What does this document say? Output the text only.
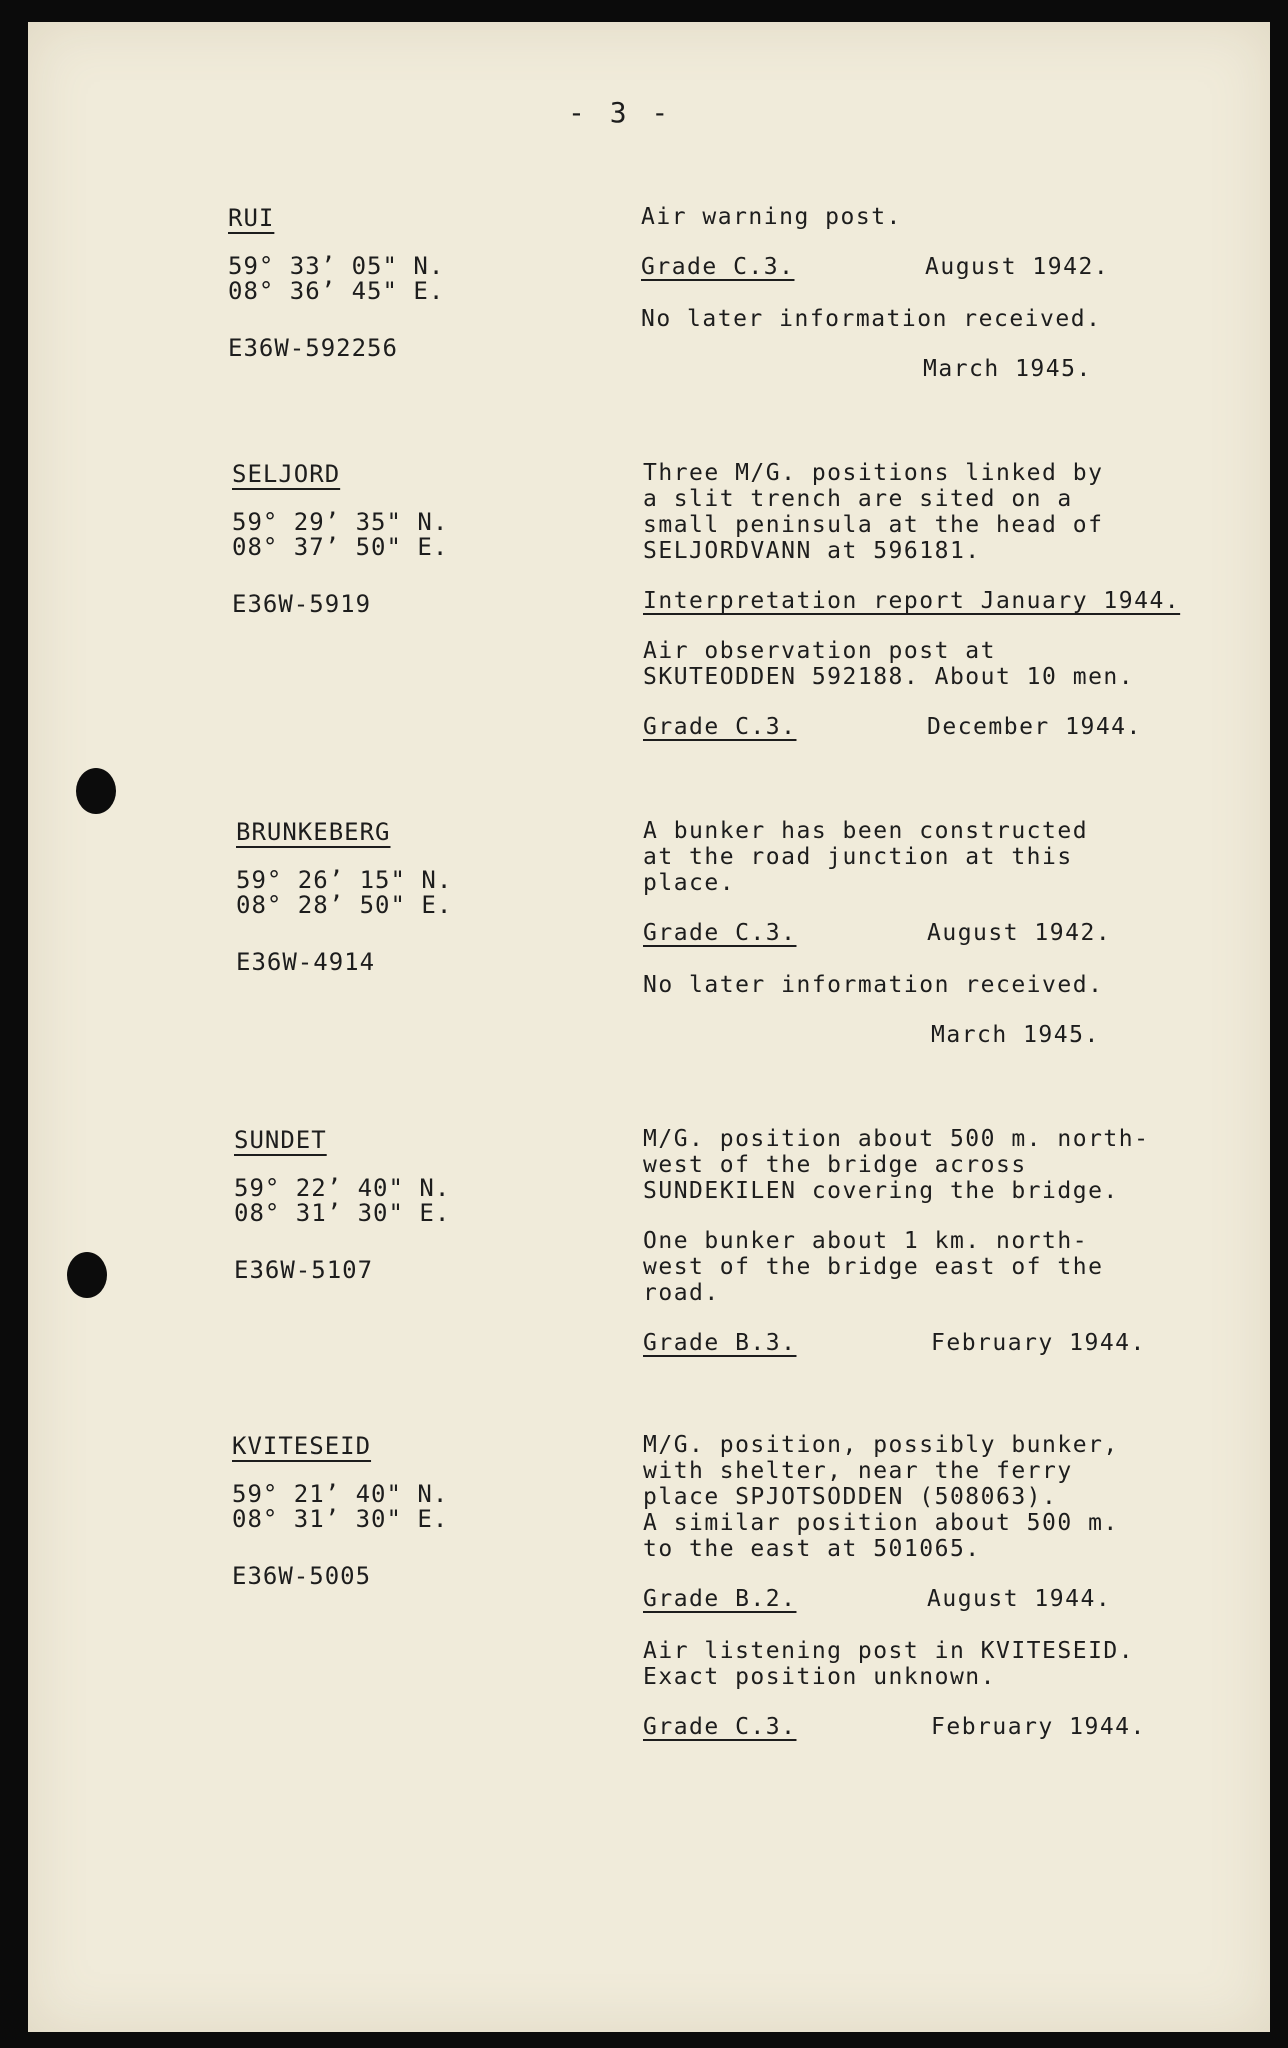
- 3 -
RUI
59° 33’ 05" N.
08° 36’ 45" E.
E36W-592256
Air warning post.
Grade C.3.	August 1942.
No later information received.
March 1945.
SELJORD
59° 29’ 35" N.
08° 37’ 50" E.
E36W-5919
Three M/G. positions linked by
a slit trench are sited on a
small peninsula at the head of
SELJORDVANN at 596181.
Interpretation report January 1944.
Air observation post at
SKUTEODDEN 592188. About 10 men.
Grade C.3.	December 1944.
BRUNKEBERG
59° 26’ 15" N.
08° 28’ 50" E.
E36W-4914
A bunker has been constructed
at the road junction at this
place.
Grade C.3.	August 1942.
No later information received.
March 1945.
SUNDET
59° 22’ 40" N.
08° 31’ 30" E.
E36W-5107
M/G. position about 500 m. north-
west of the bridge across
SUNDEKILEN covering the bridge.
One bunker about 1 km. north-
west of the bridge east of the
road.
Grade B.3.	February 1944.
KVITESEID
59° 21’ 40" N.
08° 31’ 30" E.
E36W-5005
M/G. position, possibly bunker,
with shelter, near the ferry
place SPJOTSODDEN (508063).
A similar position about 500 m.
to the east at 501065.
Grade B.2.	August 1944.
Air listening post in KVITESEID.
Exact position unknown.
Grade C.3.	February 1944.
